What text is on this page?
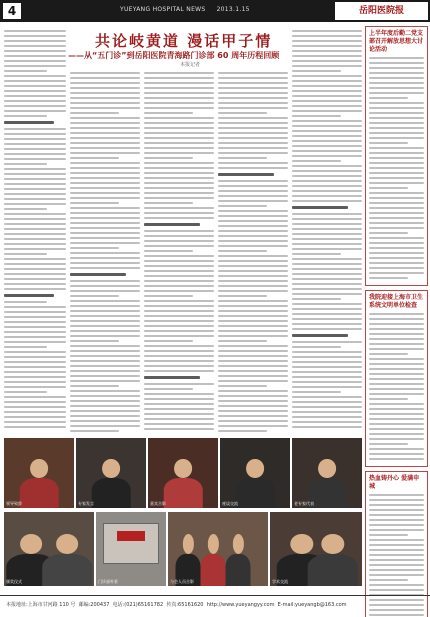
4	YUEYANG HOSPITAL NEWS 2013.1.15	岳阳医院报
共论岐黄道 漫话甲子情
——从“五门诊”到岳阳医院青海路门诊部 60 周年历程回顾
本报记者
上半年度后勤二党支部召开解放思想大讨论活动
我院迎接上海市卫生系统文明单位检查
热血铸丹心 爱满申城
领导致辞	专家发言	嘉宾合影	座谈交流	老专家代表
颁奖仪式	门诊部外景	与会人员合影	学术交流
本报地址:上海市甘河路 110 号 邮编:200437 电话:(021)65161782 传真:65161620 http://www.yueyangyy.com E-mail:yueyangb@163.com
